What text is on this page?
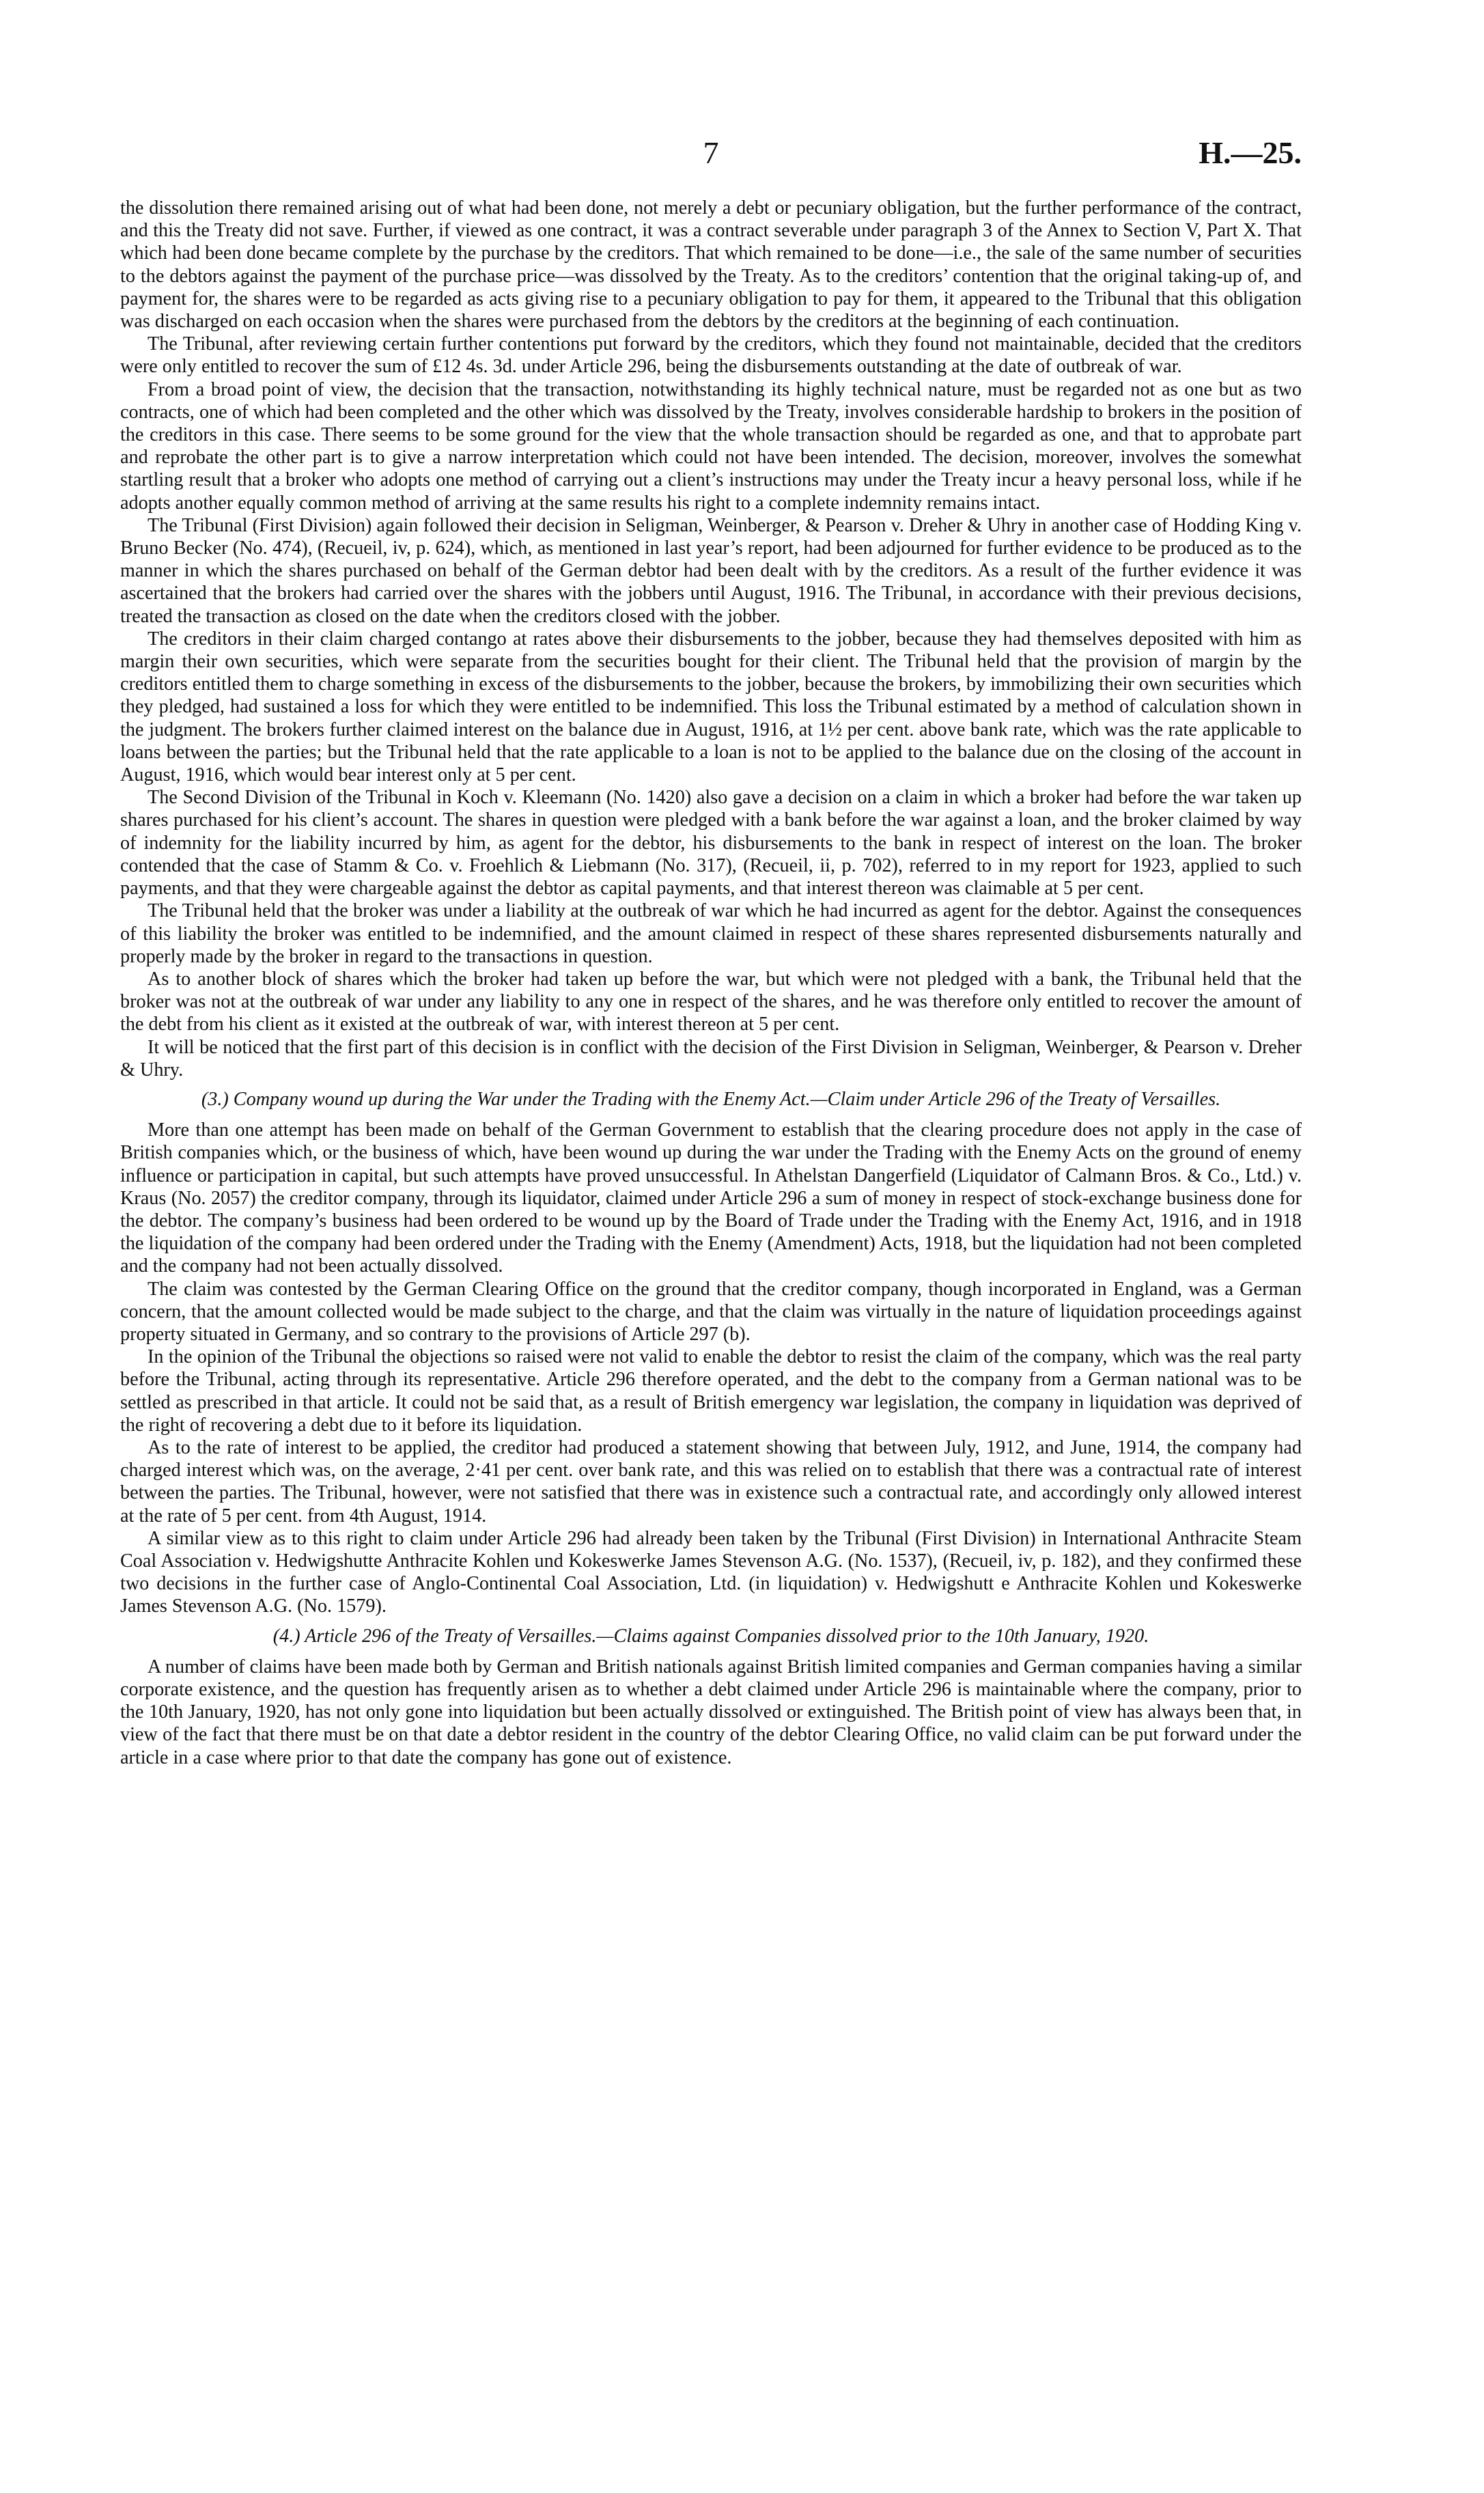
7	H.—25.

the dissolution there remained arising out of what had been done, not merely a debt or pecuniary obligation, but the further performance of the contract, and this the Treaty did not save. Further, if viewed as one contract, it was a contract severable under paragraph 3 of the Annex to Section V, Part X. That which had been done became complete by the purchase by the creditors. That which remained to be done—i.e., the sale of the same number of securities to the debtors against the payment of the purchase price—was dissolved by the Treaty. As to the creditors’ contention that the original taking-up of, and payment for, the shares were to be regarded as acts giving rise to a pecuniary obligation to pay for them, it appeared to the Tribunal that this obligation was discharged on each occasion when the shares were purchased from the debtors by the creditors at the beginning of each continuation.

The Tribunal, after reviewing certain further contentions put forward by the creditors, which they found not maintainable, decided that the creditors were only entitled to recover the sum of £12 4s. 3d. under Article 296, being the disbursements outstanding at the date of outbreak of war.

From a broad point of view, the decision that the transaction, notwithstanding its highly technical nature, must be regarded not as one but as two contracts, one of which had been completed and the other which was dissolved by the Treaty, involves considerable hardship to brokers in the position of the creditors in this case. There seems to be some ground for the view that the whole transaction should be regarded as one, and that to approbate part and reprobate the other part is to give a narrow interpretation which could not have been intended. The decision, moreover, involves the somewhat startling result that a broker who adopts one method of carrying out a client’s instructions may under the Treaty incur a heavy personal loss, while if he adopts another equally common method of arriving at the same results his right to a complete indemnity remains intact.

The Tribunal (First Division) again followed their decision in Seligman, Weinberger, & Pearson v. Dreher & Uhry in another case of Hodding King v. Bruno Becker (No. 474), (Recueil, iv, p. 624), which, as mentioned in last year’s report, had been adjourned for further evidence to be produced as to the manner in which the shares purchased on behalf of the German debtor had been dealt with by the creditors. As a result of the further evidence it was ascertained that the brokers had carried over the shares with the jobbers until August, 1916. The Tribunal, in accordance with their previous decisions, treated the transaction as closed on the date when the creditors closed with the jobber.

The creditors in their claim charged contango at rates above their disbursements to the jobber, because they had themselves deposited with him as margin their own securities, which were separate from the securities bought for their client. The Tribunal held that the provision of margin by the creditors entitled them to charge something in excess of the disbursements to the jobber, because the brokers, by immobilizing their own securities which they pledged, had sustained a loss for which they were entitled to be indemnified. This loss the Tribunal estimated by a method of calculation shown in the judgment. The brokers further claimed interest on the balance due in August, 1916, at 1½ per cent. above bank rate, which was the rate applicable to loans between the parties; but the Tribunal held that the rate applicable to a loan is not to be applied to the balance due on the closing of the account in August, 1916, which would bear interest only at 5 per cent.

The Second Division of the Tribunal in Koch v. Kleemann (No. 1420) also gave a decision on a claim in which a broker had before the war taken up shares purchased for his client’s account. The shares in question were pledged with a bank before the war against a loan, and the broker claimed by way of indemnity for the liability incurred by him, as agent for the debtor, his disbursements to the bank in respect of interest on the loan. The broker contended that the case of Stamm & Co. v. Froehlich & Liebmann (No. 317), (Recueil, ii, p. 702), referred to in my report for 1923, applied to such payments, and that they were chargeable against the debtor as capital payments, and that interest thereon was claimable at 5 per cent.

The Tribunal held that the broker was under a liability at the outbreak of war which he had incurred as agent for the debtor. Against the consequences of this liability the broker was entitled to be indemnified, and the amount claimed in respect of these shares represented disbursements naturally and properly made by the broker in regard to the transactions in question.

As to another block of shares which the broker had taken up before the war, but which were not pledged with a bank, the Tribunal held that the broker was not at the outbreak of war under any liability to any one in respect of the shares, and he was therefore only entitled to recover the amount of the debt from his client as it existed at the outbreak of war, with interest thereon at 5 per cent.

It will be noticed that the first part of this decision is in conflict with the decision of the First Division in Seligman, Weinberger, & Pearson v. Dreher & Uhry.

(3.) Company wound up during the War under the Trading with the Enemy Act.—Claim under Article 296 of the Treaty of Versailles.

More than one attempt has been made on behalf of the German Government to establish that the clearing procedure does not apply in the case of British companies which, or the business of which, have been wound up during the war under the Trading with the Enemy Acts on the ground of enemy influence or participation in capital, but such attempts have proved unsuccessful. In Athelstan Dangerfield (Liquidator of Calmann Bros. & Co., Ltd.) v. Kraus (No. 2057) the creditor company, through its liquidator, claimed under Article 296 a sum of money in respect of stock-exchange business done for the debtor. The company’s business had been ordered to be wound up by the Board of Trade under the Trading with the Enemy Act, 1916, and in 1918 the liquidation of the company had been ordered under the Trading with the Enemy (Amendment) Acts, 1918, but the liquidation had not been completed and the company had not been actually dissolved.

The claim was contested by the German Clearing Office on the ground that the creditor company, though incorporated in England, was a German concern, that the amount collected would be made subject to the charge, and that the claim was virtually in the nature of liquidation proceedings against property situated in Germany, and so contrary to the provisions of Article 297 (b).

In the opinion of the Tribunal the objections so raised were not valid to enable the debtor to resist the claim of the company, which was the real party before the Tribunal, acting through its representative. Article 296 therefore operated, and the debt to the company from a German national was to be settled as prescribed in that article. It could not be said that, as a result of British emergency war legislation, the company in liquidation was deprived of the right of recovering a debt due to it before its liquidation.

As to the rate of interest to be applied, the creditor had produced a statement showing that between July, 1912, and June, 1914, the company had charged interest which was, on the average, 2·41 per cent. over bank rate, and this was relied on to establish that there was a contractual rate of interest between the parties. The Tribunal, however, were not satisfied that there was in existence such a contractual rate, and accordingly only allowed interest at the rate of 5 per cent. from 4th August, 1914.

A similar view as to this right to claim under Article 296 had already been taken by the Tribunal (First Division) in International Anthracite Steam Coal Association v. Hedwigshutte Anthracite Kohlen und Kokeswerke James Stevenson A.G. (No. 1537), (Recueil, iv, p. 182), and they confirmed these two decisions in the further case of Anglo-Continental Coal Association, Ltd. (in liquidation) v. Hedwigshutt e Anthracite Kohlen und Kokeswerke James Stevenson A.G. (No. 1579).

(4.) Article 296 of the Treaty of Versailles.—Claims against Companies dissolved prior to the 10th January, 1920.

A number of claims have been made both by German and British nationals against British limited companies and German companies having a similar corporate existence, and the question has frequently arisen as to whether a debt claimed under Article 296 is maintainable where the company, prior to the 10th January, 1920, has not only gone into liquidation but been actually dissolved or extinguished. The British point of view has always been that, in view of the fact that there must be on that date a debtor resident in the country of the debtor Clearing Office, no valid claim can be put forward under the article in a case where prior to that date the company has gone out of existence.
